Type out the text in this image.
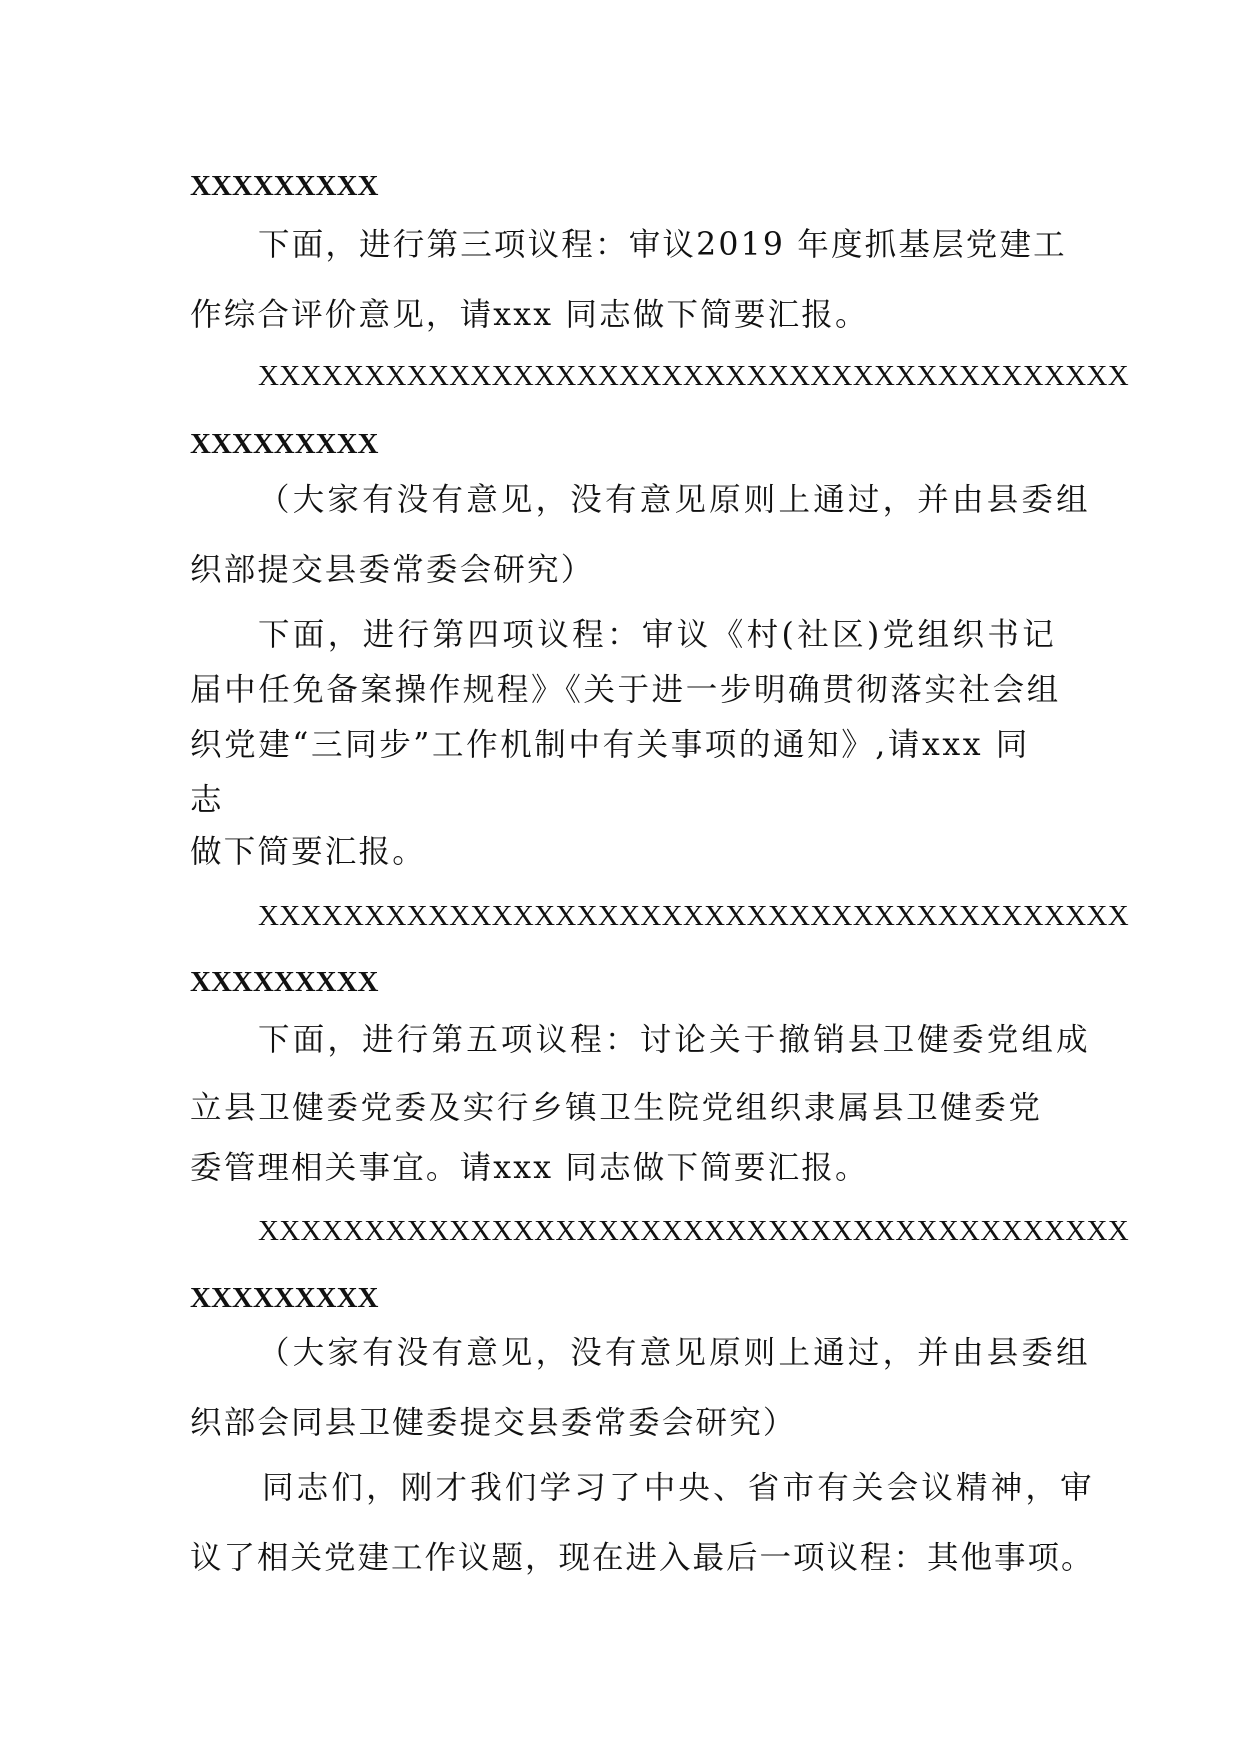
XXXXXXXXX
下面，进行第三项议程：审议2019 年度抓基层党建工
作综合评价意见，请xxx 同志做下简要汇报。
XXXXXXXXXXXXXXXXXXXXXXXXXXXXXXXXXXXXXXXXX
XXXXXXXXX
（大家有没有意见，没有意见原则上通过，并由县委组
织部提交县委常委会研究）
下面，进行第四项议程：审议《村(社区)党组织书记
届中任免备案操作规程》《关于进一步明确贯彻落实社会组
织党建“三同步”工作机制中有关事项的通知》,请xxx 同
志
做下简要汇报。
XXXXXXXXXXXXXXXXXXXXXXXXXXXXXXXXXXXXXXXXX
XXXXXXXXX
下面，进行第五项议程：讨论关于撤销县卫健委党组成
立县卫健委党委及实行乡镇卫生院党组织隶属县卫健委党
委管理相关事宜。请xxx 同志做下简要汇报。
XXXXXXXXXXXXXXXXXXXXXXXXXXXXXXXXXXXXXXXXX
XXXXXXXXX
（大家有没有意见，没有意见原则上通过，并由县委组
织部会同县卫健委提交县委常委会研究）
同志们，刚才我们学习了中央、省市有关会议精神，审
议了相关党建工作议题，现在进入最后一项议程：其他事项。
